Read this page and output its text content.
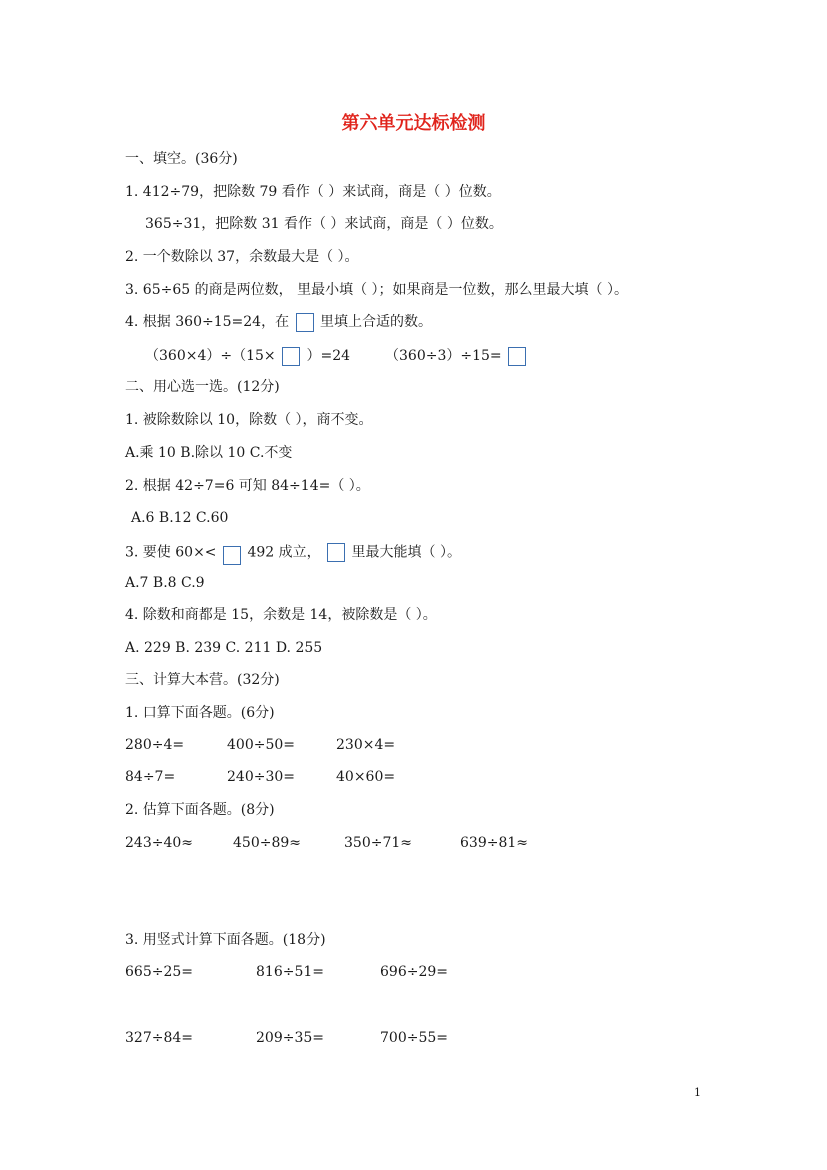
第六单元达标检测
一、填空。(36分)
1. 412÷79，把除数 79 看作（ ）来试商，商是（ ）位数。
365÷31，把除数 31 看作（ ）来试商，商是（ ）位数。
2. 一个数除以 37，余数最大是（ ）。
3. 65÷65 的商是两位数， 里最小填（ ）；如果商是一位数，那么里最大填（ ）。
4. 根据 360÷15=24，在 里填上合适的数。
（360×4）÷（15× ）=24 （360÷3）÷15=
二、用心选一选。(12分)
1. 被除数除以 10，除数（ ），商不变。
A.乘 10 B.除以 10 C.不变
2. 根据 42÷7=6 可知 84÷14=（ ）。
A.6 B.12 C.60
3. 要使 60×< 492 成立， 里最大能填（ ）。
A.7 B.8 C.9
4. 除数和商都是 15，余数是 14，被除数是（ ）。
A. 229 B. 239 C. 211 D. 255
三、计算大本营。(32分)
1. 口算下面各题。(6分)
280÷4=	400÷50=	230×4=
84÷7=	240÷30=	40×60=
2. 估算下面各题。(8分)
243÷40≈	450÷89≈	350÷71≈	639÷81≈
3. 用竖式计算下面各题。(18分)
665÷25=	816÷51=	696÷29=
327÷84=	209÷35=	700÷55=
1
